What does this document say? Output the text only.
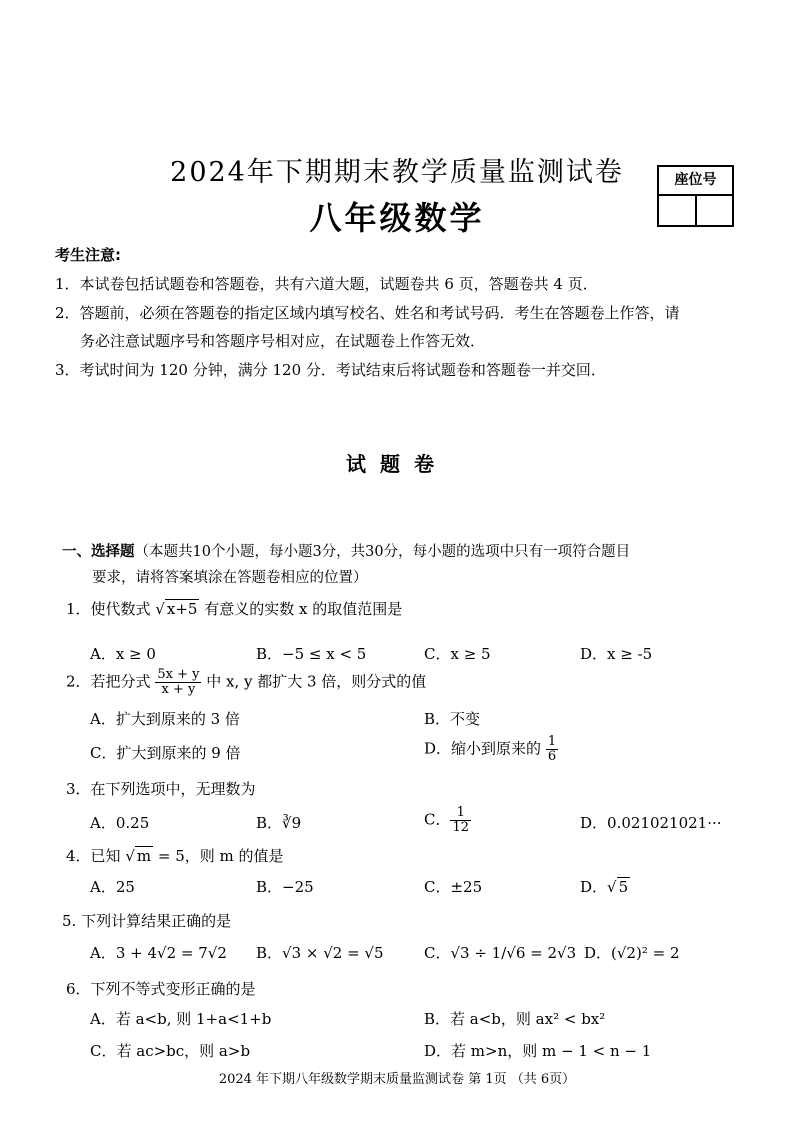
2024年下期期末教学质量监测试卷
八年级数学
座位号
考生注意:
1．本试卷包括试题卷和答题卷，共有六道大题，试题卷共 6 页，答题卷共 4 页．
2．答题前，必须在答题卷的指定区域内填写校名、姓名和考试号码．考生在答题卷上作答，请
务必注意试题序号和答题序号相对应，在试题卷上作答无效．
3．考试时间为 120 分钟，满分 120 分．考试结束后将试题卷和答题卷一并交回．
试题卷
一、选择题（本题共10个小题，每小题3分，共30分，每小题的选项中只有一项符合题目
要求，请将答案填涂在答题卷相应的位置）
1．使代数式 √ x+5 有意义的实数 x 的取值范围是
A．x ≥ 0	B．−5 ≤ x < 5	C．x ≥ 5	D．x ≥ -5
2．若把分式 $\frac{5x + y}{x + y}$ 中 x, y 都扩大 3 倍，则分式的值
A．扩大到原来的 3 倍	B．不变
C．扩大到原来的 9 倍	D．缩小到原来的 $\frac{1}{6}$
3．在下列选项中，无理数为
A．0.25	B．∛9	C． $\frac{1}{12}$	D．0.021021021···
4．已知 √ m = 5，则 m 的值是
A．25	B．−25	C．±25	D．√ 5
5. 下列计算结果正确的是
A．3 + 4√2 = 7√2 B．√3 × √2 = √5	C．√3 ÷ 1/√6 = 2√3 D．(√2)² = 2
6．下列不等式变形正确的是
A．若 a<b, 则 1+a<1+b	B．若 a<b，则 ax² < bx²
C．若 ac>bc，则 a>b	D．若 m>n，则 m − 1 < n − 1
2024 年下期八年级数学期末质量监测试卷 第 1页 （共 6页）
